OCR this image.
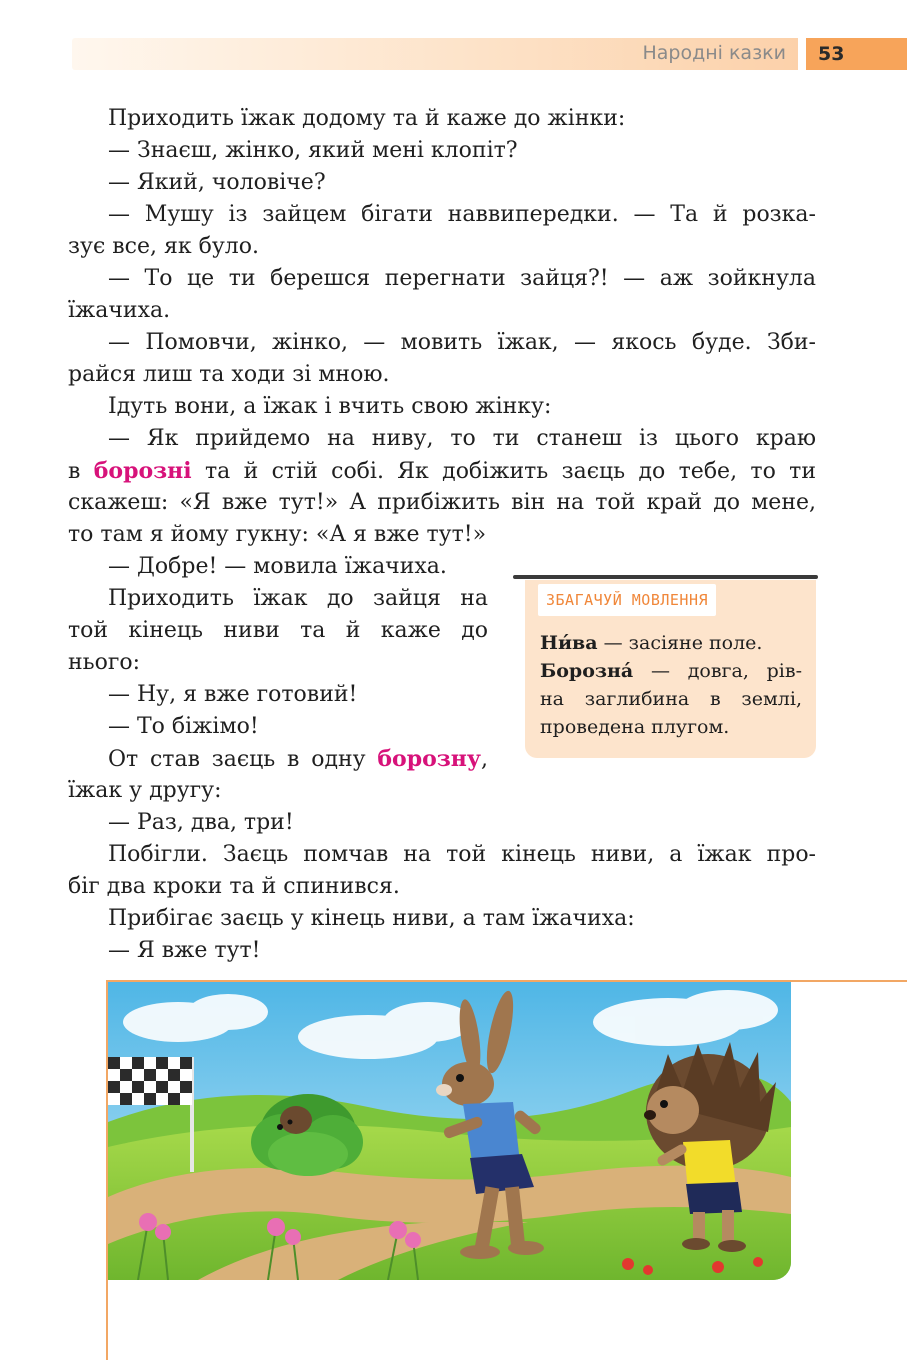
Народні казки	53
Приходить їжак додому та й каже до жінки:
— Знаєш, жінко, який мені клопіт?
— Який, чоловіче?
— Мушу із зайцем бігати наввипередки. — Та й розка-
зує все, як було.
— То це ти берешся перегнати зайця?! — аж зойкнула
їжачиха.
— Помовчи, жінко, — мовить їжак, — якось буде. Зби-
райся лиш та ходи зі мною.
Ідуть вони, а їжак і вчить свою жінку:
— Як прийдемо на ниву, то ти станеш із цього краю
в борозні та й стій собі. Як добіжить заєць до тебе, то ти
скажеш: «Я вже тут!» А прибіжить він на той край до мене,
то там я йому гукну: «А я вже тут!»
— Добре! — мовила їжачиха.
Приходить їжак до зайця на
той кінець ниви та й каже до
нього:
— Ну, я вже готовий!
— То біжімо!
От став заєць в одну борозну,
їжак у другу:
— Раз, два, три!
Побігли. Заєць помчав на той кінець ниви, а їжак про-
біг два кроки та й спинився.
Прибігає заєць у кінець ниви, а там їжачиха:
— Я вже тут!
ЗБАГАЧУЙ МОВЛЕННЯ
Ни́ва — засіяне поле.
Борозна́ — довга, рів-
на заглибина в землі,
проведена плугом.
